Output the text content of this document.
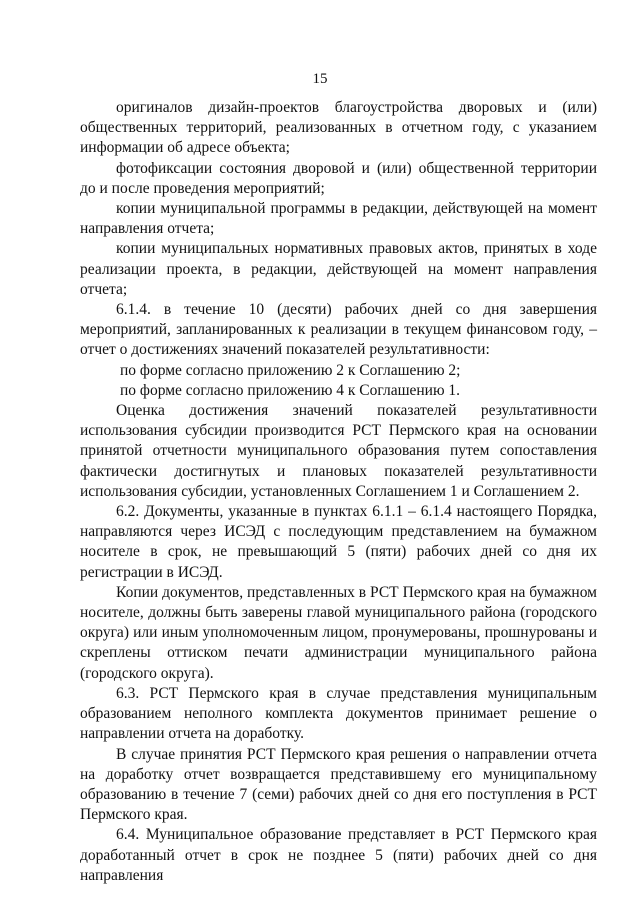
15

оригиналов дизайн-проектов благоустройства дворовых и (или) общественных территорий, реализованных в отчетном году, с указанием информации об адресе объекта;

фотофиксации состояния дворовой и (или) общественной территории до и после проведения мероприятий;

копии муниципальной программы в редакции, действующей на момент направления отчета;

копии муниципальных нормативных правовых актов, принятых в ходе реализации проекта, в редакции, действующей на момент направления отчета;

6.1.4. в течение 10 (десяти) рабочих дней со дня завершения мероприятий, запланированных к реализации в текущем финансовом году, – отчет о достижениях значений показателей результативности:

по форме согласно приложению 2 к Соглашению 2;

по форме согласно приложению 4 к Соглашению 1.

Оценка достижения значений показателей результативности использования субсидии производится РСТ Пермского края на основании принятой отчетности муниципального образования путем сопоставления фактически достигнутых и плановых показателей результативности использования субсидии, установленных Соглашением 1 и Соглашением 2.

6.2. Документы, указанные в пунктах 6.1.1 – 6.1.4 настоящего Порядка, направляются через ИСЭД с последующим представлением на бумажном носителе в срок, не превышающий 5 (пяти) рабочих дней со дня их регистрации в ИСЭД.

Копии документов, представленных в РСТ Пермского края на бумажном носителе, должны быть заверены главой муниципального района (городского округа) или иным уполномоченным лицом, пронумерованы, прошнурованы и скреплены оттиском печати администрации муниципального района (городского округа).

6.3. РСТ Пермского края в случае представления муниципальным образованием неполного комплекта документов принимает решение о направлении отчета на доработку.

В случае принятия РСТ Пермского края решения о направлении отчета на доработку отчет возвращается представившему его муниципальному образованию в течение 7 (семи) рабочих дней со дня его поступления в РСТ Пермского края.

6.4. Муниципальное образование представляет в РСТ Пермского края доработанный отчет в срок не позднее 5 (пяти) рабочих дней со дня направления
